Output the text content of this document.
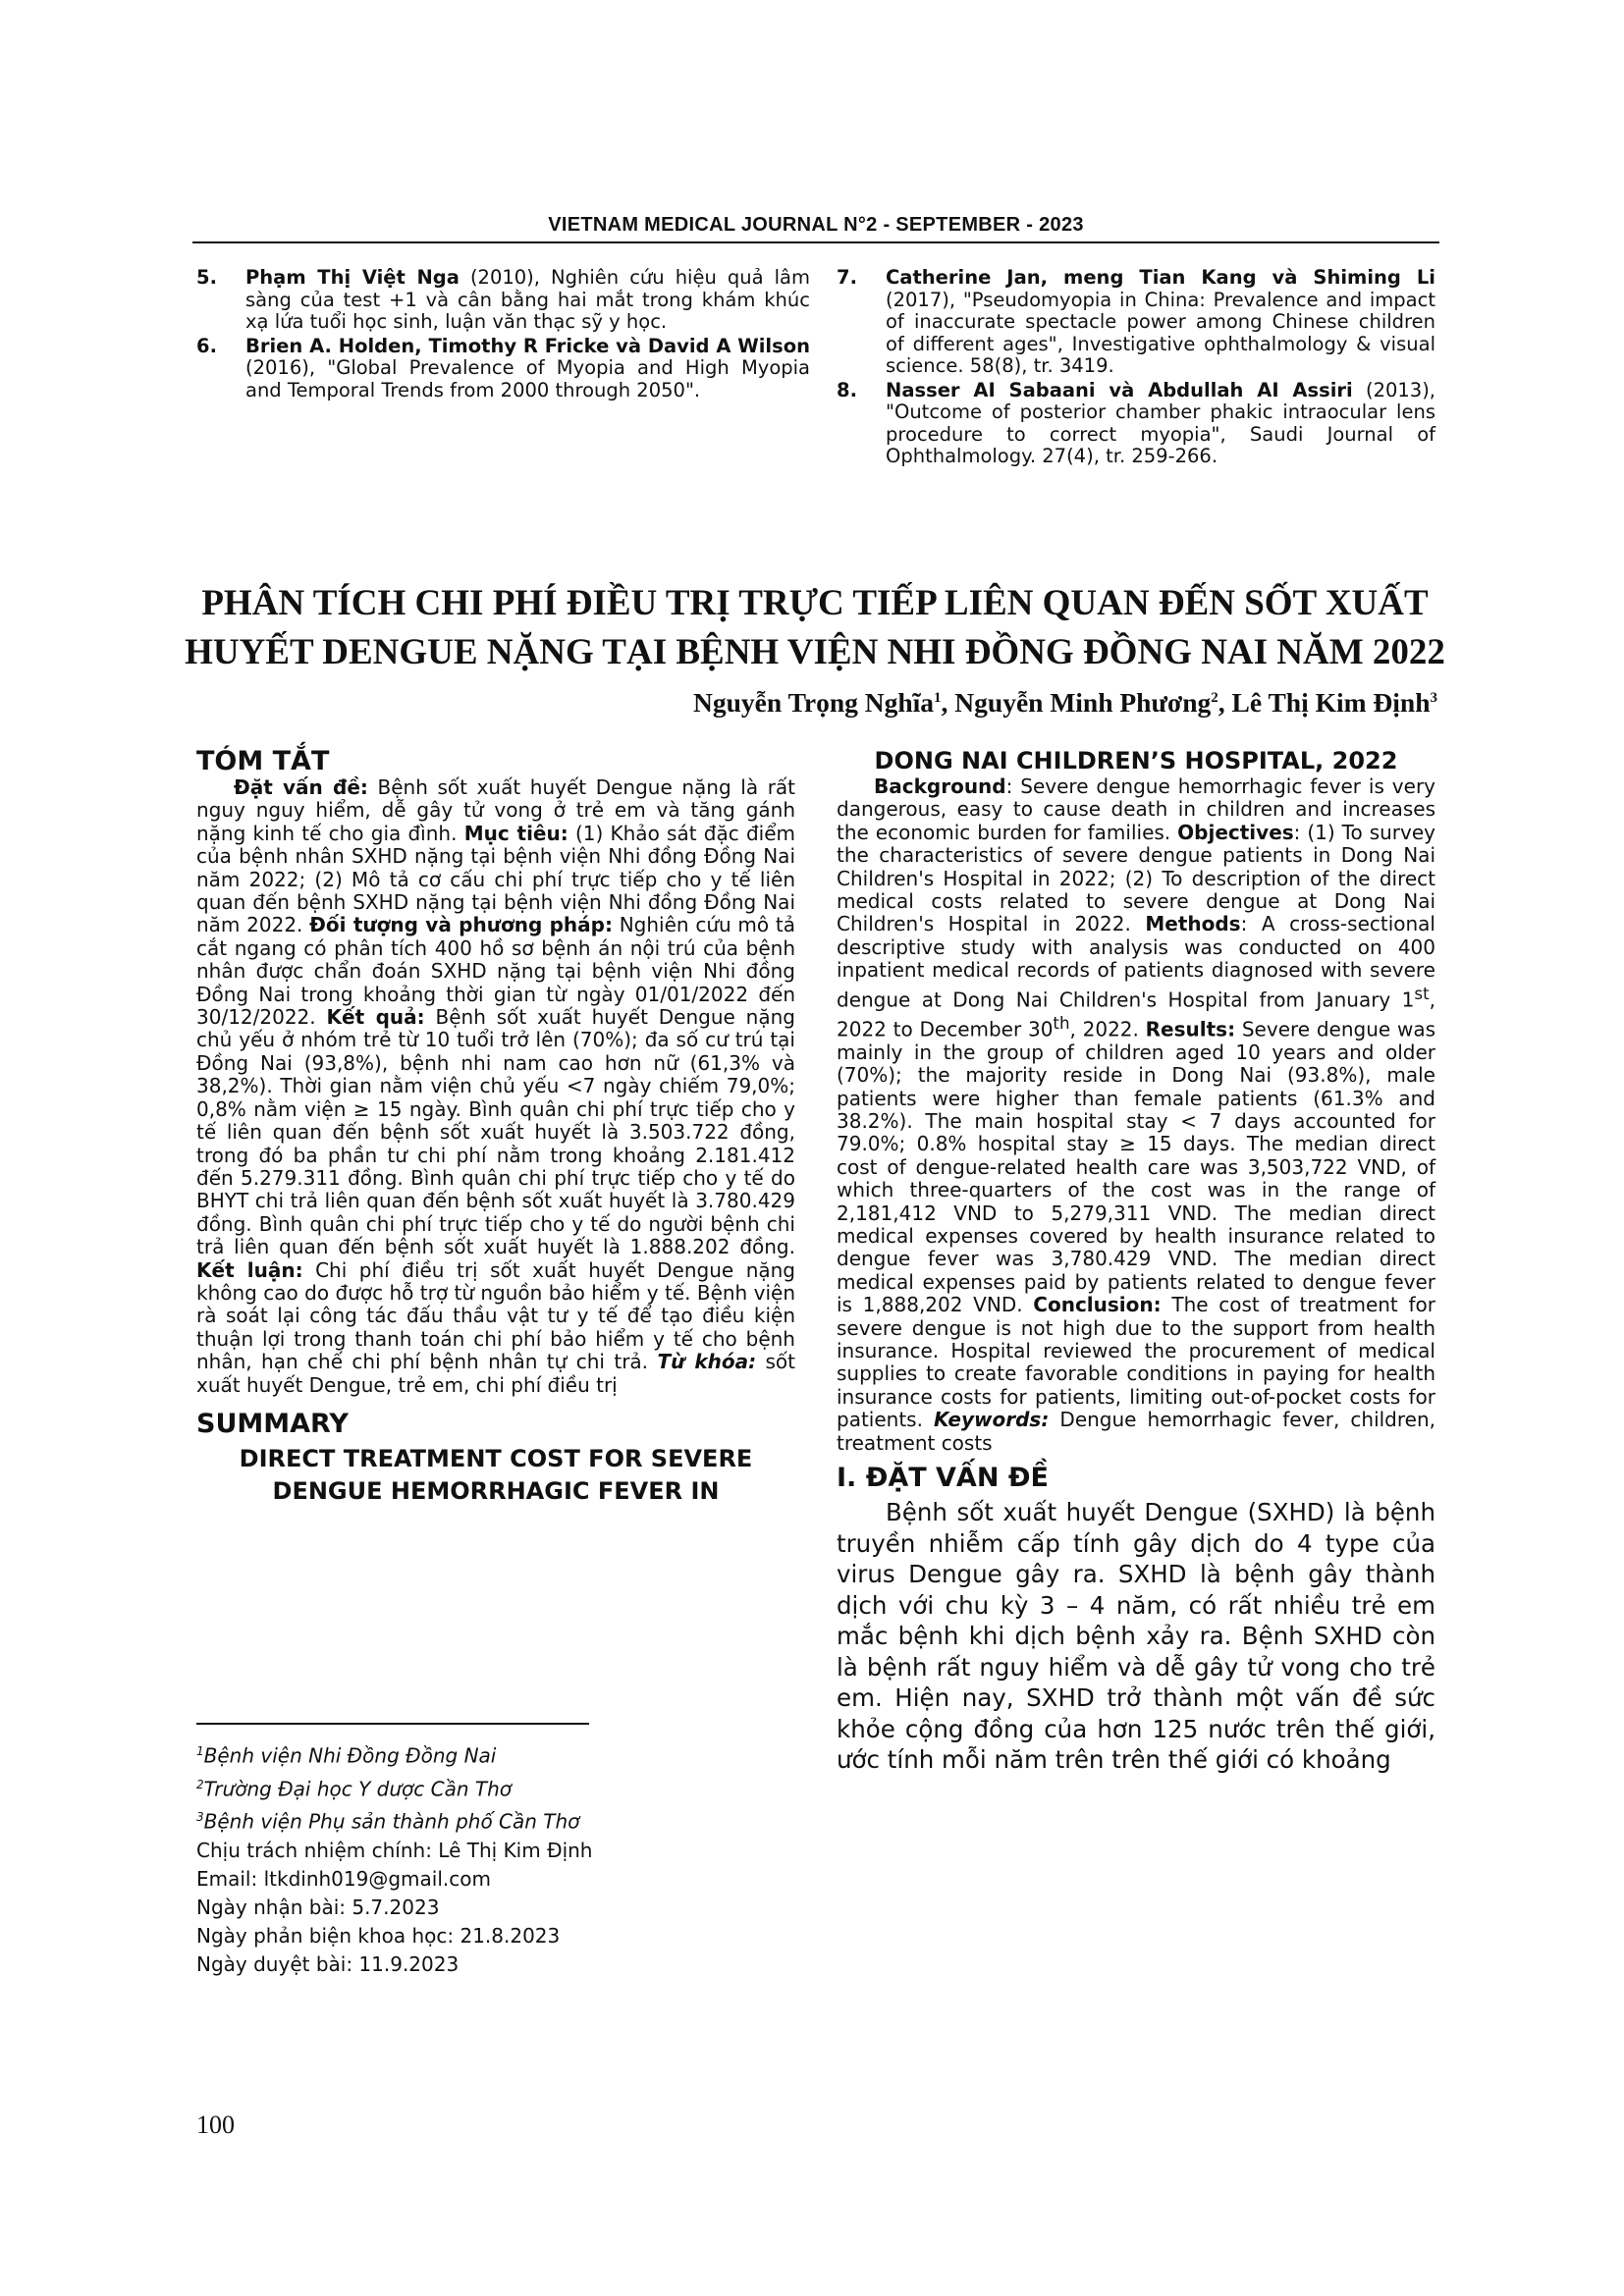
VIETNAM MEDICAL JOURNAL N°2 - SEPTEMBER - 2023
5. Phạm Thị Việt Nga (2010), Nghiên cứu hiệu quả lâm sàng của test +1 và cân bằng hai mắt trong khám khúc xạ lứa tuổi học sinh, luận văn thạc sỹ y học.
6. Brien A. Holden, Timothy R Fricke và David A Wilson (2016), "Global Prevalence of Myopia and High Myopia and Temporal Trends from 2000 through 2050".
7. Catherine Jan, meng Tian Kang và Shiming Li (2017), "Pseudomyopia in China: Prevalence and impact of inaccurate spectacle power among Chinese children of different ages", Investigative ophthalmology & visual science. 58(8), tr. 3419.
8. Nasser AI Sabaani và Abdullah AI Assiri (2013), "Outcome of posterior chamber phakic intraocular lens procedure to correct myopia", Saudi Journal of Ophthalmology. 27(4), tr. 259-266.
PHÂN TÍCH CHI PHÍ ĐIỀU TRỊ TRỰC TIẾP LIÊN QUAN ĐẾN SỐT XUẤT
HUYẾT DENGUE NẶNG TẠI BỆNH VIỆN NHI ĐỒNG ĐỒNG NAI NĂM 2022
Nguyễn Trọng Nghĩa$^1$, Nguyễn Minh Phương$^2$, Lê Thị Kim Định$^3$
TÓM TẮT

Đặt vấn đề: Bệnh sốt xuất huyết Dengue nặng là rất nguy nguy hiểm, dễ gây tử vong ở trẻ em và tăng gánh nặng kinh tế cho gia đình. Mục tiêu: (1) Khảo sát đặc điểm của bệnh nhân SXHD nặng tại bệnh viện Nhi đồng Đồng Nai năm 2022; (2) Mô tả cơ cấu chi phí trực tiếp cho y tế liên quan đến bệnh SXHD nặng tại bệnh viện Nhi đồng Đồng Nai năm 2022. Đối tượng và phương pháp: Nghiên cứu mô tả cắt ngang có phân tích 400 hồ sơ bệnh án nội trú của bệnh nhân được chẩn đoán SXHD nặng tại bệnh viện Nhi đồng Đồng Nai trong khoảng thời gian từ ngày 01/01/2022 đến 30/12/2022. Kết quả: Bệnh sốt xuất huyết Dengue nặng chủ yếu ở nhóm trẻ từ 10 tuổi trở lên (70%); đa số cư trú tại Đồng Nai (93,8%), bệnh nhi nam cao hơn nữ (61,3% và 38,2%). Thời gian nằm viện chủ yếu <7 ngày chiếm 79,0%; 0,8% nằm viện ≥ 15 ngày. Bình quân chi phí trực tiếp cho y tế liên quan đến bệnh sốt xuất huyết là 3.503.722 đồng, trong đó ba phần tư chi phí nằm trong khoảng 2.181.412 đến 5.279.311 đồng. Bình quân chi phí trực tiếp cho y tế do BHYT chi trả liên quan đến bệnh sốt xuất huyết là 3.780.429 đồng. Bình quân chi phí trực tiếp cho y tế do người bệnh chi trả liên quan đến bệnh sốt xuất huyết là 1.888.202 đồng. Kết luận: Chi phí điều trị sốt xuất huyết Dengue nặng không cao do được hỗ trợ từ nguồn bảo hiểm y tế. Bệnh viện rà soát lại công tác đấu thầu vật tư y tế để tạo điều kiện thuận lợi trong thanh toán chi phí bảo hiểm y tế cho bệnh nhân, hạn chế chi phí bệnh nhân tự chi trả. Từ khóa: sốt xuất huyết Dengue, trẻ em, chi phí điều trị

SUMMARY

DIRECT TREATMENT COST FOR SEVERE DENGUE HEMORRHAGIC FEVER IN

$^1$Bệnh viện Nhi Đồng Đồng Nai
$^2$Trường Đại học Y dược Cần Thơ
$^3$Bệnh viện Phụ sản thành phố Cần Thơ
Chịu trách nhiệm chính: Lê Thị Kim Định
Email: ltkdinh019@gmail.com
Ngày nhận bài: 5.7.2023
Ngày phản biện khoa học: 21.8.2023
Ngày duyệt bài: 11.9.2023

DONG NAI CHILDREN’S HOSPITAL, 2022

Background: Severe dengue hemorrhagic fever is very dangerous, easy to cause death in children and increases the economic burden for families. Objectives: (1) To survey the characteristics of severe dengue patients in Dong Nai Children's Hospital in 2022; (2) To description of the direct medical costs related to severe dengue at Dong Nai Children's Hospital in 2022. Methods: A cross-sectional descriptive study with analysis was conducted on 400 inpatient medical records of patients diagnosed with severe dengue at Dong Nai Children's Hospital from January 1st, 2022 to December 30th, 2022. Results: Severe dengue was mainly in the group of children aged 10 years and older (70%); the majority reside in Dong Nai (93.8%), male patients were higher than female patients (61.3% and 38.2%). The main hospital stay < 7 days accounted for 79.0%; 0.8% hospital stay ≥ 15 days. The median direct cost of dengue-related health care was 3,503,722 VND, of which three-quarters of the cost was in the range of 2,181,412 VND to 5,279,311 VND. The median direct medical expenses covered by health insurance related to dengue fever was 3,780.429 VND. The median direct medical expenses paid by patients related to dengue fever is 1,888,202 VND. Conclusion: The cost of treatment for severe dengue is not high due to the support from health insurance. Hospital reviewed the procurement of medical supplies to create favorable conditions in paying for health insurance costs for patients, limiting out-of-pocket costs for patients. Keywords: Dengue hemorrhagic fever, children, treatment costs

I. ĐẶT VẤN ĐỀ

Bệnh sốt xuất huyết Dengue (SXHD) là bệnh truyền nhiễm cấp tính gây dịch do 4 type của virus Dengue gây ra. SXHD là bệnh gây thành dịch với chu kỳ 3 – 4 năm, có rất nhiều trẻ em mắc bệnh khi dịch bệnh xảy ra. Bệnh SXHD còn là bệnh rất nguy hiểm và dễ gây tử vong cho trẻ em. Hiện nay, SXHD trở thành một vấn đề sức khỏe cộng đồng của hơn 125 nước trên thế giới, ước tính mỗi năm trên trên thế giới có khoảng

100
